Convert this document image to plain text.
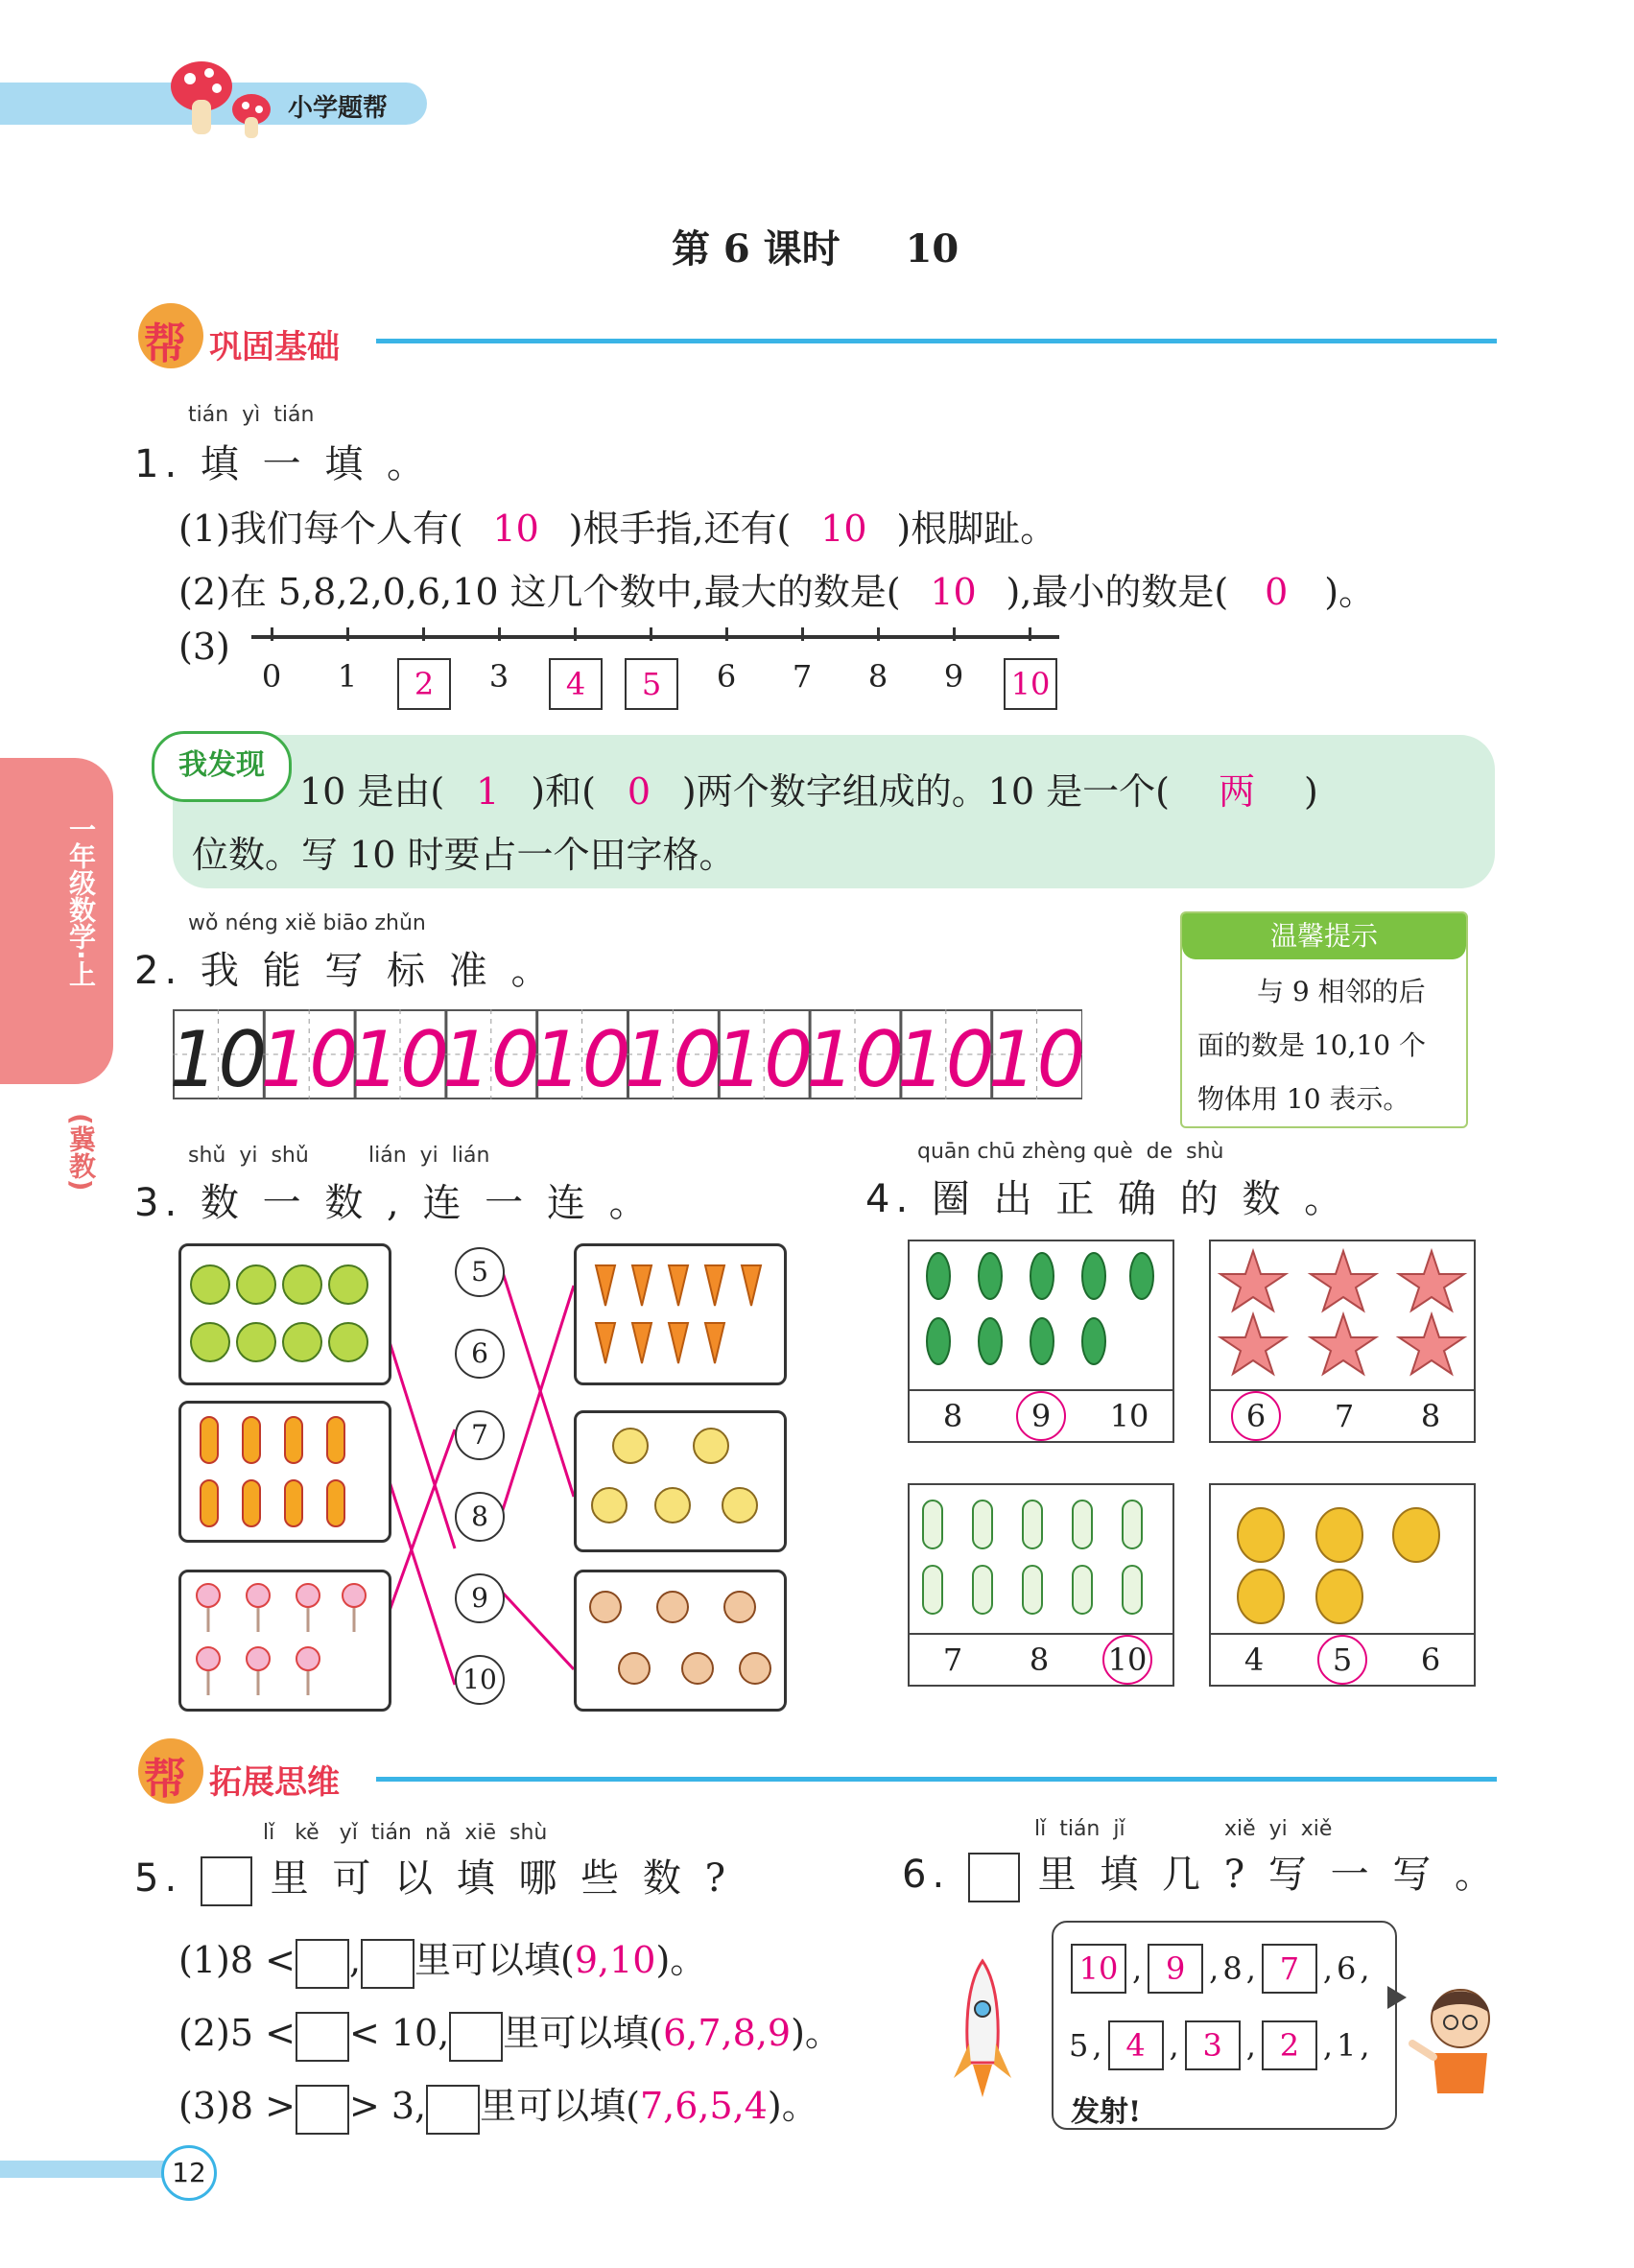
小学题帮
一年级数学·上
(冀教)
第 6 课时 10
帮 巩固基础
tián  yì  tián
1. 填 一 填 。
(1)我们每个人有( 10 )根手指,还有( 10 )根脚趾。
(2)在 5,8,2,0,6,10 这几个数中,最大的数是( 10 ),最小的数是( 0 )。
(3)
0	1	2	3	4	5	6	7	8	9	10
我发现
10 是由( 1 )和( 0 )两个数字组成的。10 是一个( 两 )
位数。写 10 时要占一个田字格。
温馨提示
与 9 相邻的后
面的数是 10,10 个
物体用 10 表示。
wǒ néng xiě biāo zhǔn
2. 我 能 写 标 准 。
10
10
10
10
10
10
10
10
10
10
shǔ  yi  shǔ	lián  yi  lián
3. 数 一 数 , 连 一 连 。
5
6
7
8
9
10
quān chū zhèng què  de  shù
4. 圈 出 正 确 的 数 。
8	9	10	6	7	8
7	8	10	4	5	6
帮 拓展思维
lǐ   kě   yǐ  tián  nǎ  xiē  shù
5. 里 可 以 填 哪 些 数 ?
(1)8 < , 里可以填(9,10)。
(2)5 < < 10, 里可以填(6,7,8,9)。
(3)8 > > 3, 里可以填(7,6,5,4)。
lǐ  tián  jǐ	xiě  yi  xiě
6. 里 填 几 ? 写 一 写 。
10 , 9 , 8 , 7 , 6 ,
5 , 4 , 3 , 2 , 1 ,
发射!
12
